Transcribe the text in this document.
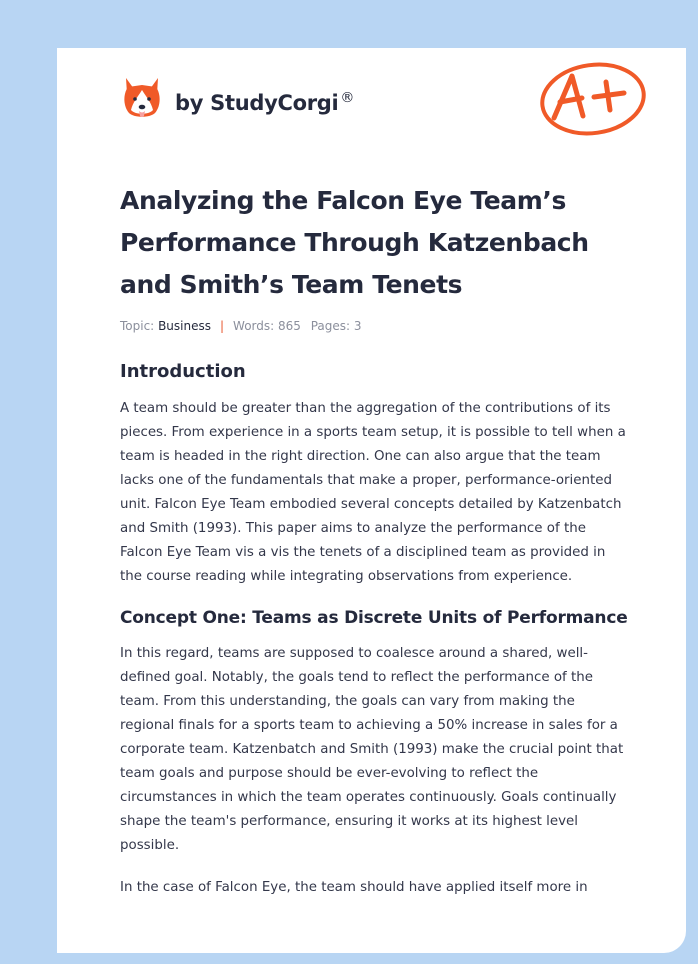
by StudyCorgi ®
Analyzing the Falcon Eye Team’s Performance Through Katzenbach and Smith’s Team Tenets
Topic: Business | Words: 865 Pages: 3
Introduction

A team should be greater than the aggregation of the contributions of its pieces. From experience in a sports team setup, it is possible to tell when a team is headed in the right direction. One can also argue that the team lacks one of the fundamentals that make a proper, performance-oriented unit. Falcon Eye Team embodied several concepts detailed by Katzenbatch and Smith (1993). This paper aims to analyze the performance of the Falcon Eye Team vis a vis the tenets of a disciplined team as provided in the course reading while integrating observations from experience.

Concept One: Teams as Discrete Units of Performance

In this regard, teams are supposed to coalesce around a shared, well-defined goal. Notably, the goals tend to reflect the performance of the team. From this understanding, the goals can vary from making the regional finals for a sports team to achieving a 50% increase in sales for a corporate team. Katzenbatch and Smith (1993) make the crucial point that team goals and purpose should be ever-evolving to reflect the circumstances in which the team operates continuously. Goals continually shape the team's performance, ensuring it works at its highest level possible.

In the case of Falcon Eye, the team should have applied itself more in
